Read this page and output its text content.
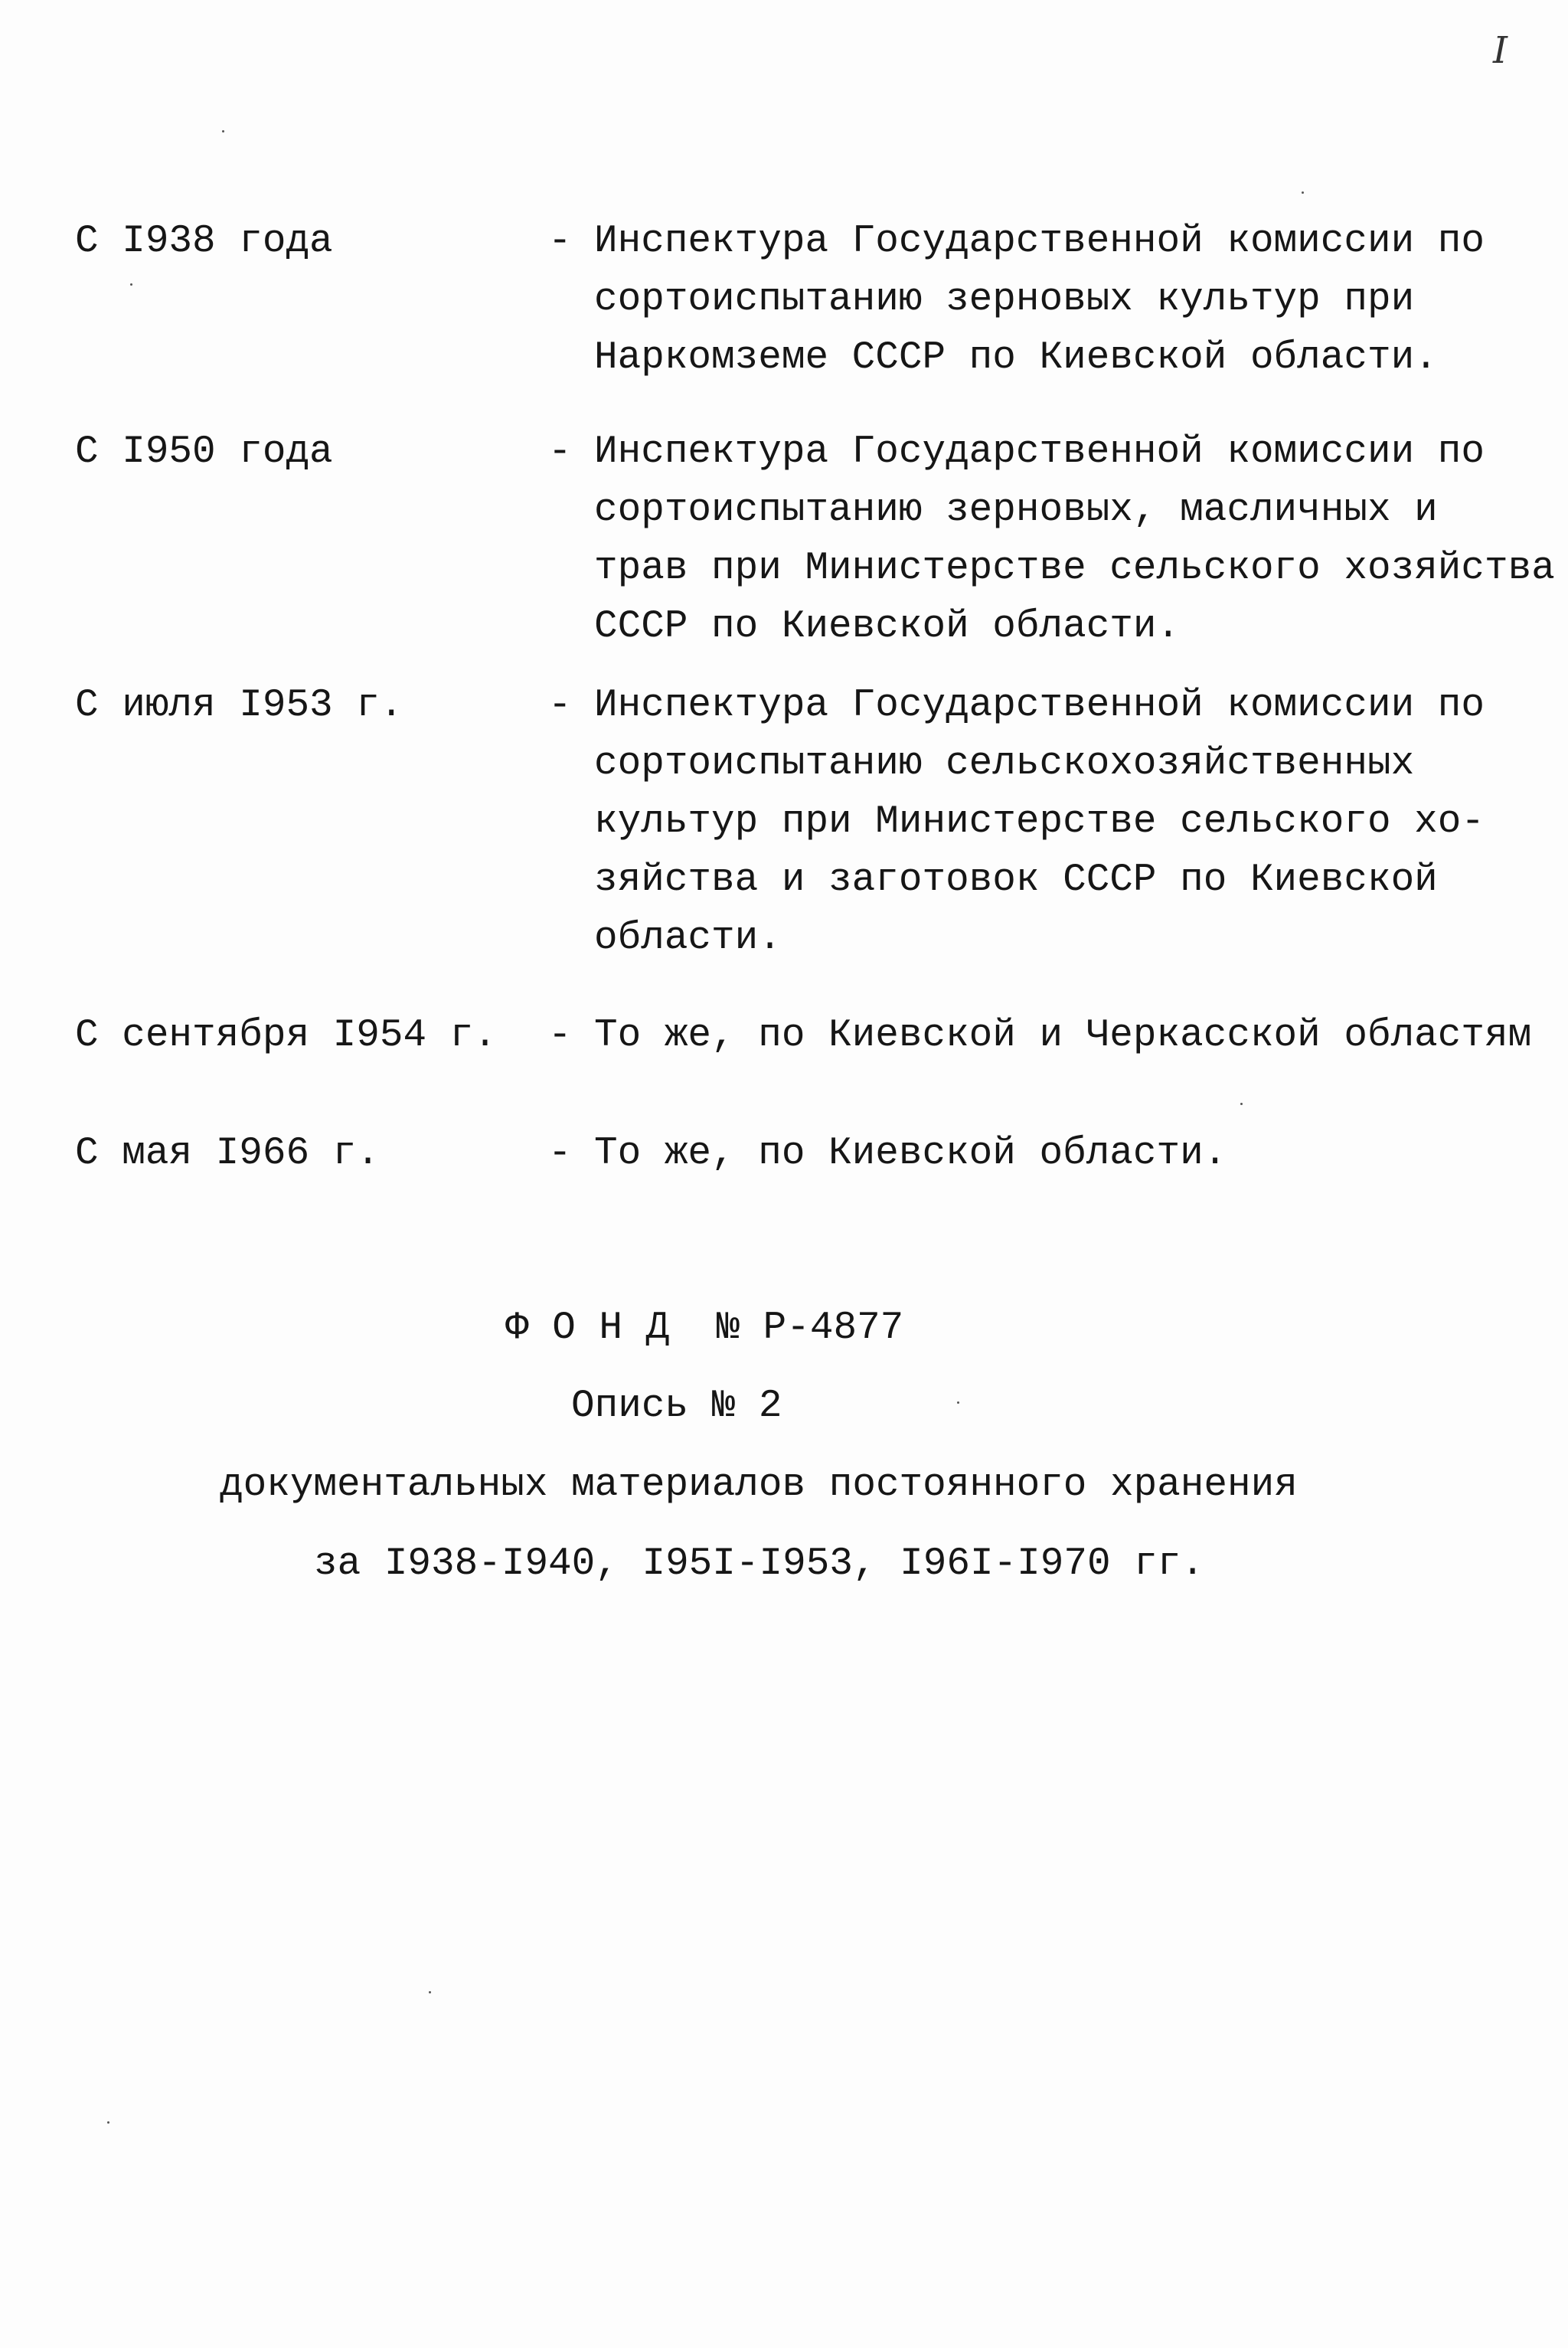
I
С I938 года	- Инспектура Государственной комиссии по
сортоиспытанию зерновых культур при
Наркомземе СССР по Киевской области.
С I950 года	- Инспектура Государственной комиссии по
сортоиспытанию зерновых, масличных и
трав при Министерстве сельского хозяйства
СССР по Киевской области.
С июля I953 г.	- Инспектура Государственной комиссии по
сортоиспытанию сельскохозяйственных
культур при Министерстве сельского хо-
зяйства и заготовок СССР по Киевской
области.
С сентября I954 г. - То же, по Киевской и Черкасской областям
С мая I966 г.	- То же, по Киевской области.
Ф О Н Д  № Р-4877
Опись № 2
документальных материалов постоянного хранения
за I938-I940, I95I-I953, I96I-I970 гг.
